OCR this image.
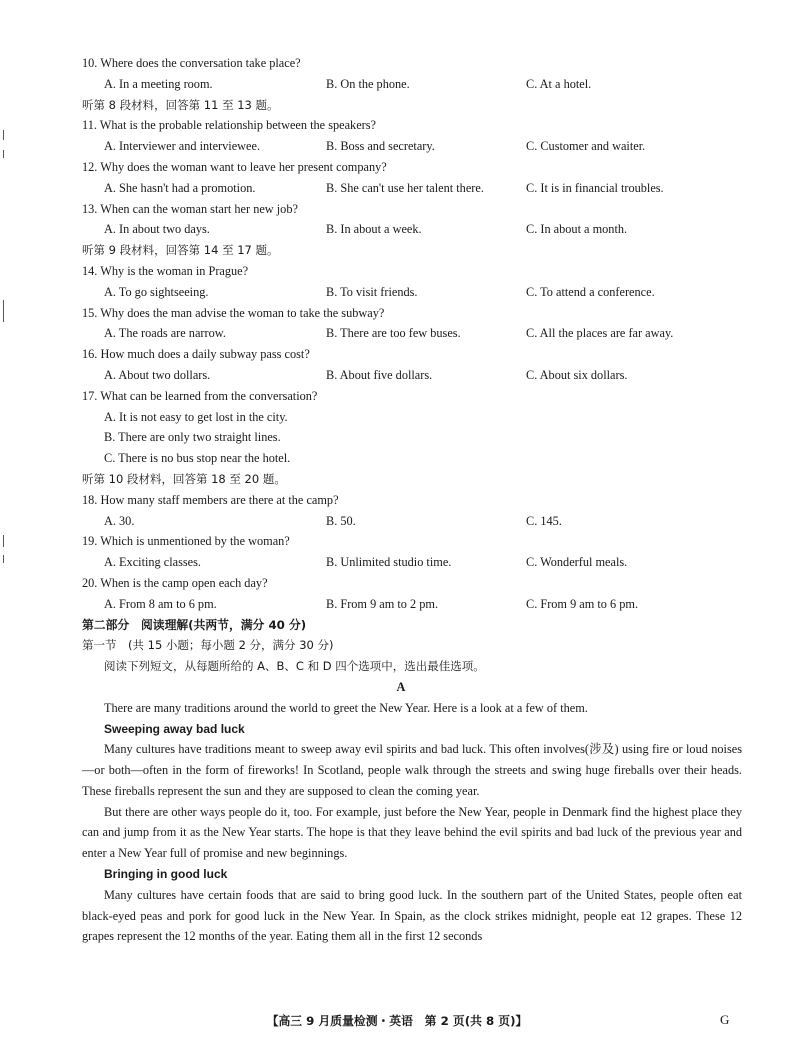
10. Where does the conversation take place?
A. In a meeting room.	B. On the phone.	C. At a hotel.
听第 8 段材料，回答第 11 至 13 题。
11. What is the probable relationship between the speakers?
A. Interviewer and interviewee.	B. Boss and secretary.	C. Customer and waiter.
12. Why does the woman want to leave her present company?
A. She hasn't had a promotion.	B. She can't use her talent there.	C. It is in financial troubles.
13. When can the woman start her new job?
A. In about two days.	B. In about a week.	C. In about a month.
听第 9 段材料，回答第 14 至 17 题。
14. Why is the woman in Prague?
A. To go sightseeing.	B. To visit friends.	C. To attend a conference.
15. Why does the man advise the woman to take the subway?
A. The roads are narrow.	B. There are too few buses.	C. All the places are far away.
16. How much does a daily subway pass cost?
A. About two dollars.	B. About five dollars.	C. About six dollars.
17. What can be learned from the conversation?
A. It is not easy to get lost in the city.
B. There are only two straight lines.
C. There is no bus stop near the hotel.
听第 10 段材料，回答第 18 至 20 题。
18. How many staff members are there at the camp?
A. 30.	B. 50.	C. 145.
19. Which is unmentioned by the woman?
A. Exciting classes.	B. Unlimited studio time.	C. Wonderful meals.
20. When is the camp open each day?
A. From 8 am to 6 pm.	B. From 9 am to 2 pm.	C. From 9 am to 6 pm.
第二部分　阅读理解(共两节，满分 40 分)
第一节　(共 15 小题；每小题 2 分，满分 30 分)
阅读下列短文，从每题所给的 A、B、C 和 D 四个选项中，选出最佳选项。
A
There are many traditions around the world to greet the New Year. Here is a look at a few of them.
Sweeping away bad luck
Many cultures have traditions meant to sweep away evil spirits and bad luck. This often involves(涉及) using fire or loud noises—or both—often in the form of fireworks! In Scotland, people walk through the streets and swing huge fireballs over their heads. These fireballs represent the sun and they are supposed to clean the coming year.
But there are other ways people do it, too. For example, just before the New Year, people in Denmark find the highest place they can and jump from it as the New Year starts. The hope is that they leave behind the evil spirits and bad luck of the previous year and enter a New Year full of promise and new beginnings.
Bringing in good luck
Many cultures have certain foods that are said to bring good luck. In the southern part of the United States, people often eat black-eyed peas and pork for good luck in the New Year. In Spain, as the clock strikes midnight, people eat 12 grapes. These 12 grapes represent the 12 months of the year. Eating them all in the first 12 seconds
【高三 9 月质量检测・英语　第 2 页(共 8 页)】	G
